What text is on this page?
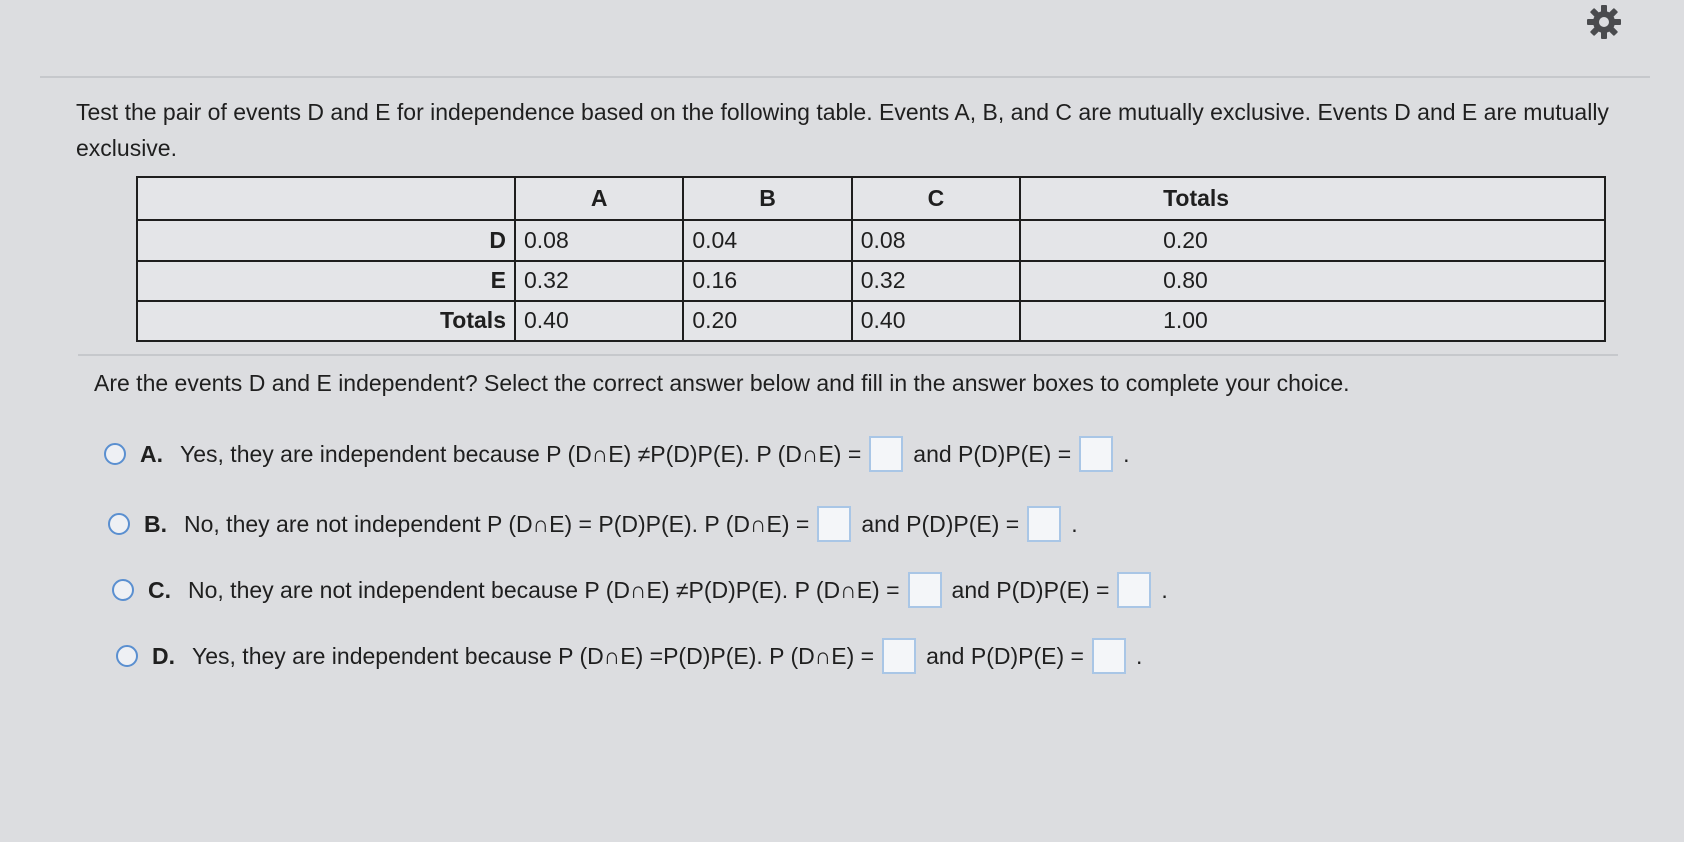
Test the pair of events D and E for independence based on the following table. Events A, B, and C are mutually exclusive. Events D and E are mutually exclusive.
	A	B	C	Totals
D	0.08	0.04	0.08	0.20
E	0.32	0.16	0.32	0.80
Totals	0.40	0.20	0.40	1.00
Are the events D and E independent? Select the correct answer below and fill in the answer boxes to complete your choice.
A. Yes, they are independent because P (D∩E) ≠P(D)P(E). P (D∩E) = and P(D)P(E) = .
B. No, they are not independent P (D∩E) = P(D)P(E). P (D∩E) = and P(D)P(E) = .
C. No, they are not independent because P (D∩E) ≠P(D)P(E). P (D∩E) = and P(D)P(E) = .
D. Yes, they are independent because P (D∩E) =P(D)P(E). P (D∩E) = and P(D)P(E) = .
